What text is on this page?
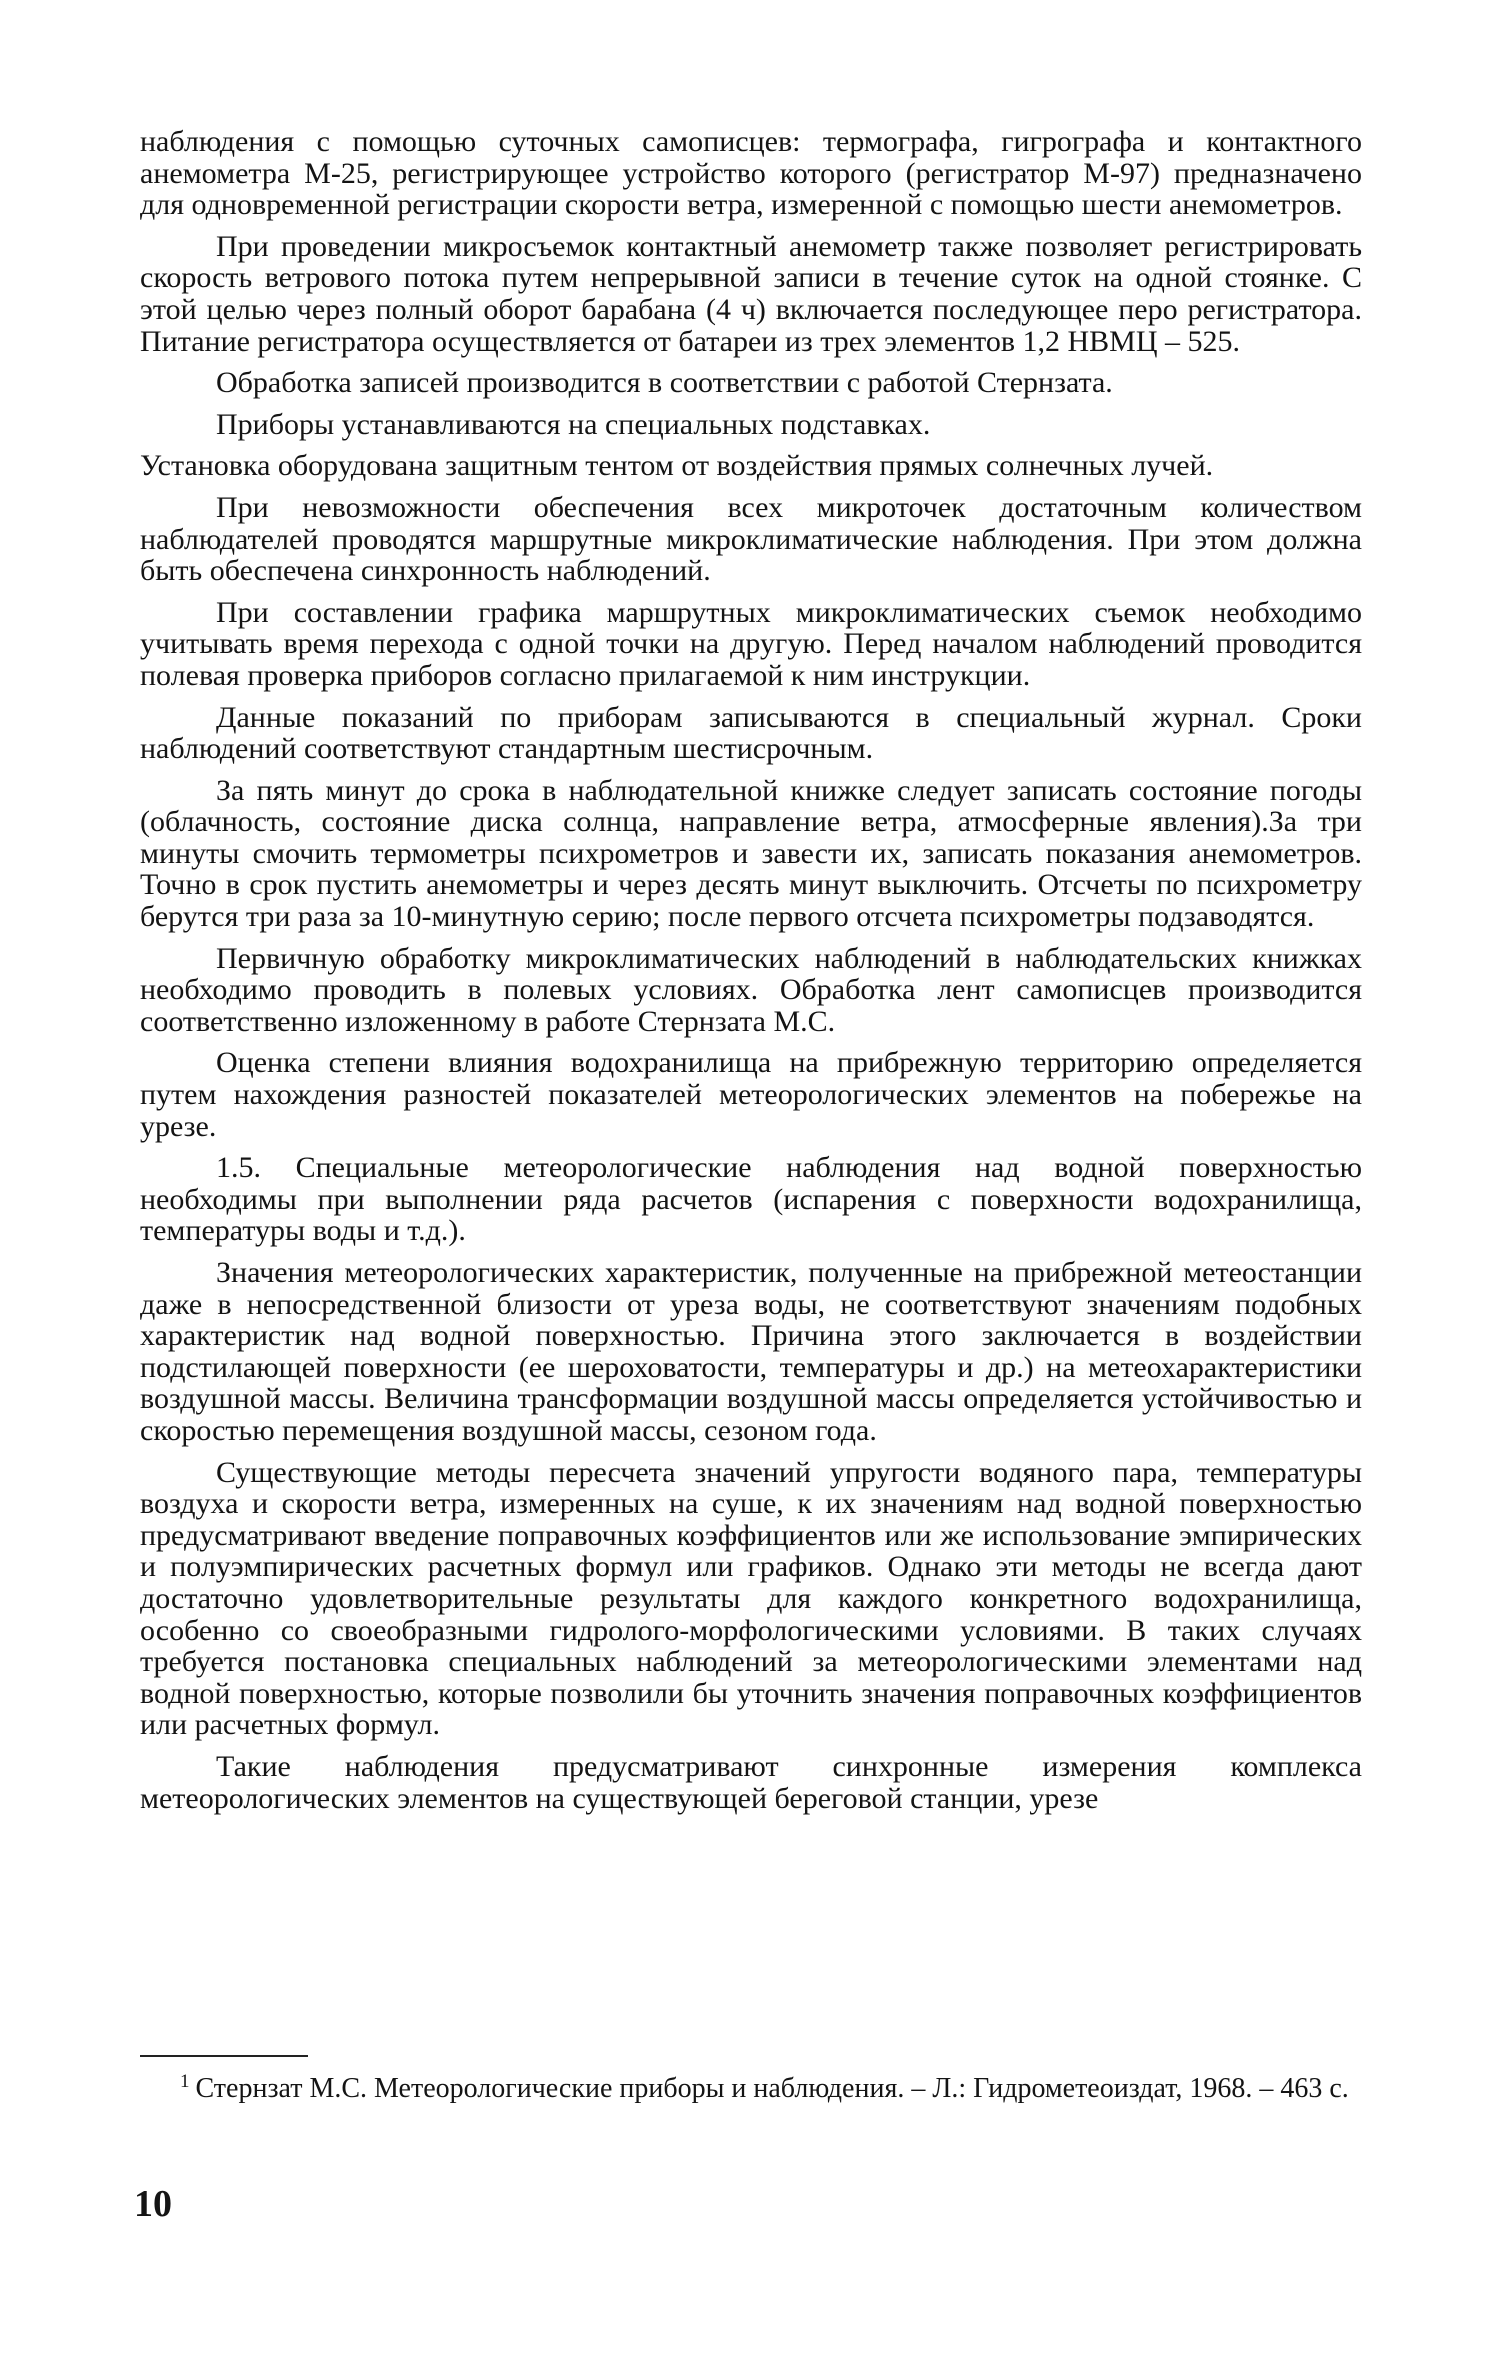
наблюдения с помощью суточных самописцев: термографа, гигрографа и контактного анемометра М-25, регистрирующее устройство которого (регистратор М-97) предназначено для одновременной регистрации скорости ветра, измеренной с помощью шести анемометров.

При проведении микросъемок контактный анемометр также позволяет регистрировать скорость ветрового потока путем непрерывной записи в течение суток на одной стоянке. С этой целью через полный оборот барабана (4 ч) включается последующее перо регистратора. Питание регистратора осуществляется от батареи из трех элементов 1,2 НВМЦ – 525.

Обработка записей производится в соответствии с работой Стернзата.

Приборы устанавливаются на специальных подставках.

Установка оборудована защитным тентом от воздействия прямых солнечных лучей.

При невозможности обеспечения всех микроточек достаточным количеством наблюдателей проводятся маршрутные микроклиматические наблюдения. При этом должна быть обеспечена синхронность наблюдений.

При составлении графика маршрутных микроклиматических съемок необходимо учитывать время перехода с одной точки на другую. Перед началом наблюдений проводится полевая проверка приборов согласно прилагаемой к ним инструкции.

Данные показаний по приборам записываются в специальный журнал. Сроки наблюдений соответствуют стандартным шестисрочным.

За пять минут до срока в наблюдательной книжке следует записать состояние погоды (облачность, состояние диска солнца, направление ветра, атмосферные явления).За три минуты смочить термометры психрометров и завести их, записать показания анемометров. Точно в срок пустить анемометры и через десять минут выключить. Отсчеты по психрометру берутся три раза за 10-минутную серию; после первого отсчета психрометры подзаводятся.

Первичную обработку микроклиматических наблюдений в наблюдательских книжках необходимо проводить в полевых условиях. Обработка лент самописцев производится соответственно изложенному в работе Стернзата М.С.

Оценка степени влияния водохранилища на прибрежную территорию определяется путем нахождения разностей показателей метеорологических элементов на побережье на урезе.

1.5. Специальные метеорологические наблюдения над водной поверхностью необходимы при выполнении ряда расчетов (испарения с поверхности водохранилища, температуры воды и т.д.).

Значения метеорологических характеристик, полученные на прибрежной метеостанции даже в непосредственной близости от уреза воды, не соответствуют значениям подобных характеристик над водной поверхностью. Причина этого заключается в воздействии подстилающей поверхности (ее шероховатости, температуры и др.) на метеохарактеристики воздушной массы. Величина трансформации воздушной массы определяется устойчивостью и скоростью перемещения воздушной массы, сезоном года.

Существующие методы пересчета значений упругости водяного пара, температуры воздуха и скорости ветра, измеренных на суше, к их значениям над водной поверхностью предусматривают введение поправочных коэффициентов или же использование эмпирических и полуэмпирических расчетных формул или графиков. Однако эти методы не всегда дают достаточно удовлетворительные результаты для каждого конкретного водохранилища, особенно со своеобразными гидролого-морфологическими условиями. В таких случаях требуется постановка специальных наблюдений за метеорологическими элементами над водной поверхностью, которые позволили бы уточнить значения поправочных коэффициентов или расчетных формул.

Такие наблюдения предусматривают синхронные измерения комплекса метеорологических элементов на существующей береговой станции, урезе

$^1$ Стернзат М.С. Метеорологические приборы и наблюдения. – Л.: Гидрометеоиздат, 1968. – 463 с.

10
